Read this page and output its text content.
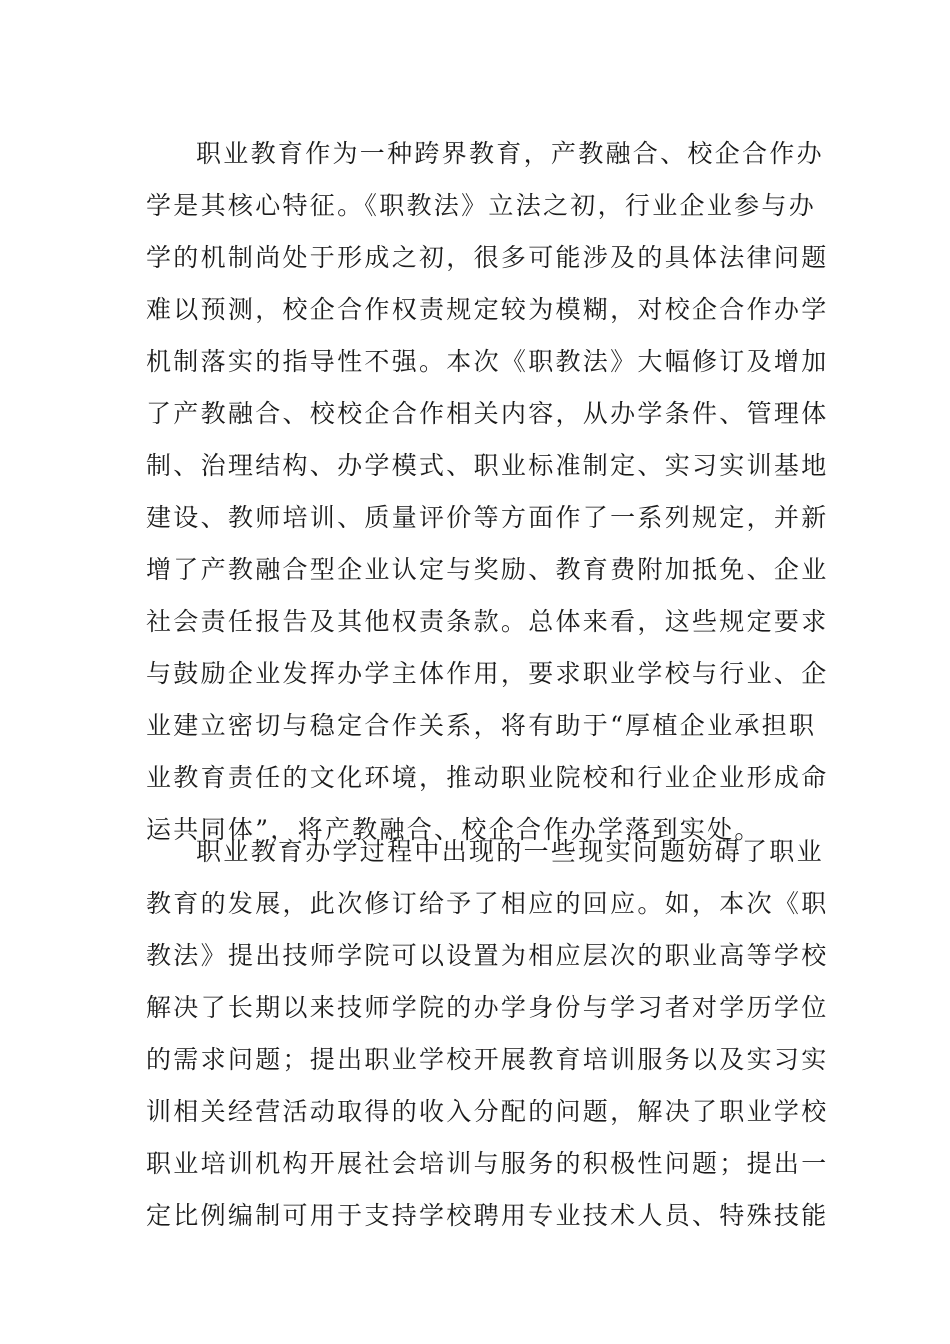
职业教育作为一种跨界教育，产教融合、校企合作办
学是其核心特征。《职教法》立法之初，行业企业参与办
学的机制尚处于形成之初，很多可能涉及的具体法律问题
难以预测，校企合作权责规定较为模糊，对校企合作办学
机制落实的指导性不强。本次《职教法》大幅修订及增加
了产教融合、校校企合作相关内容，从办学条件、管理体
制、治理结构、办学模式、职业标准制定、实习实训基地
建设、教师培训、质量评价等方面作了一系列规定，并新
增了产教融合型企业认定与奖励、教育费附加抵免、企业
社会责任报告及其他权责条款。总体来看，这些规定要求
与鼓励企业发挥办学主体作用，要求职业学校与行业、企
业建立密切与稳定合作关系，将有助于“厚植企业承担职
业教育责任的文化环境，推动职业院校和行业企业形成命
运共同体”，将产教融合、校企合作办学落到实处。
职业教育办学过程中出现的一些现实问题妨碍了职业
教育的发展，此次修订给予了相应的回应。如，本次《职
教法》提出技师学院可以设置为相应层次的职业高等学校
解决了长期以来技师学院的办学身份与学习者对学历学位
的需求问题；提出职业学校开展教育培训服务以及实习实
训相关经营活动取得的收入分配的问题，解决了职业学校
职业培训机构开展社会培训与服务的积极性问题；提出一
定比例编制可用于支持学校聘用专业技术人员、特殊技能
